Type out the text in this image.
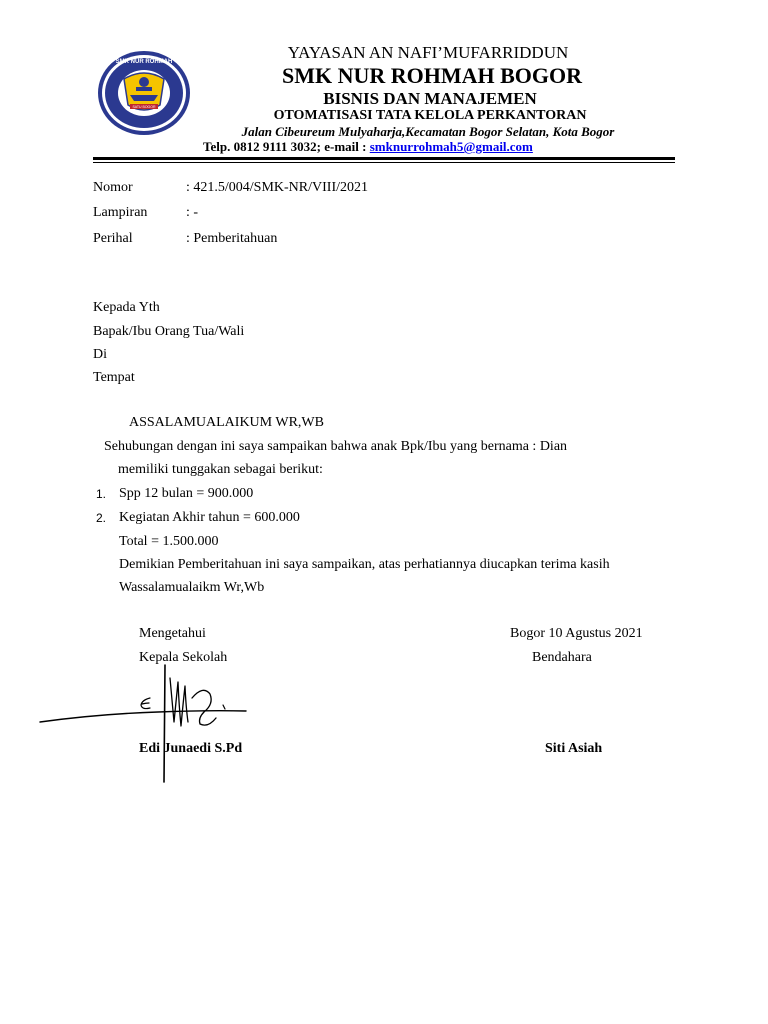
SMK NUR ROHMAH
SATU BOGOR
YAYASAN AN NAFI’MUFARRIDDUN
SMK NUR ROHMAH BOGOR
BISNIS DAN MANAJEMEN
OTOMATISASI TATA KELOLA PERKANTORAN
Jalan Cibeureum Mulyaharja,Kecamatan Bogor Selatan, Kota Bogor
Telp. 0812 9111 3032; e-mail : smknurrohmah5@gmail.com
Nomor	: 421.5/004/SMK-NR/VIII/2021
Lampiran	: -
Perihal	: Pemberitahuan
Kepada Yth
Bapak/Ibu Orang Tua/Wali
Di
Tempat
ASSALAMUALAIKUM WR,WB
Sehubungan dengan ini saya sampaikan bahwa anak Bpk/Ibu yang bernama : Dian
memiliki tunggakan sebagai berikut:
1. Spp 12 bulan = 900.000
2. Kegiatan Akhir tahun = 600.000
Total = 1.500.000
Demikian Pemberitahuan ini saya sampaikan, atas perhatiannya diucapkan terima kasih
Wassalamualaikm Wr,Wb
Mengetahui
Kepala Sekolah
Edi Junaedi S.Pd
Bogor 10 Agustus 2021
Bendahara
Siti Asiah
